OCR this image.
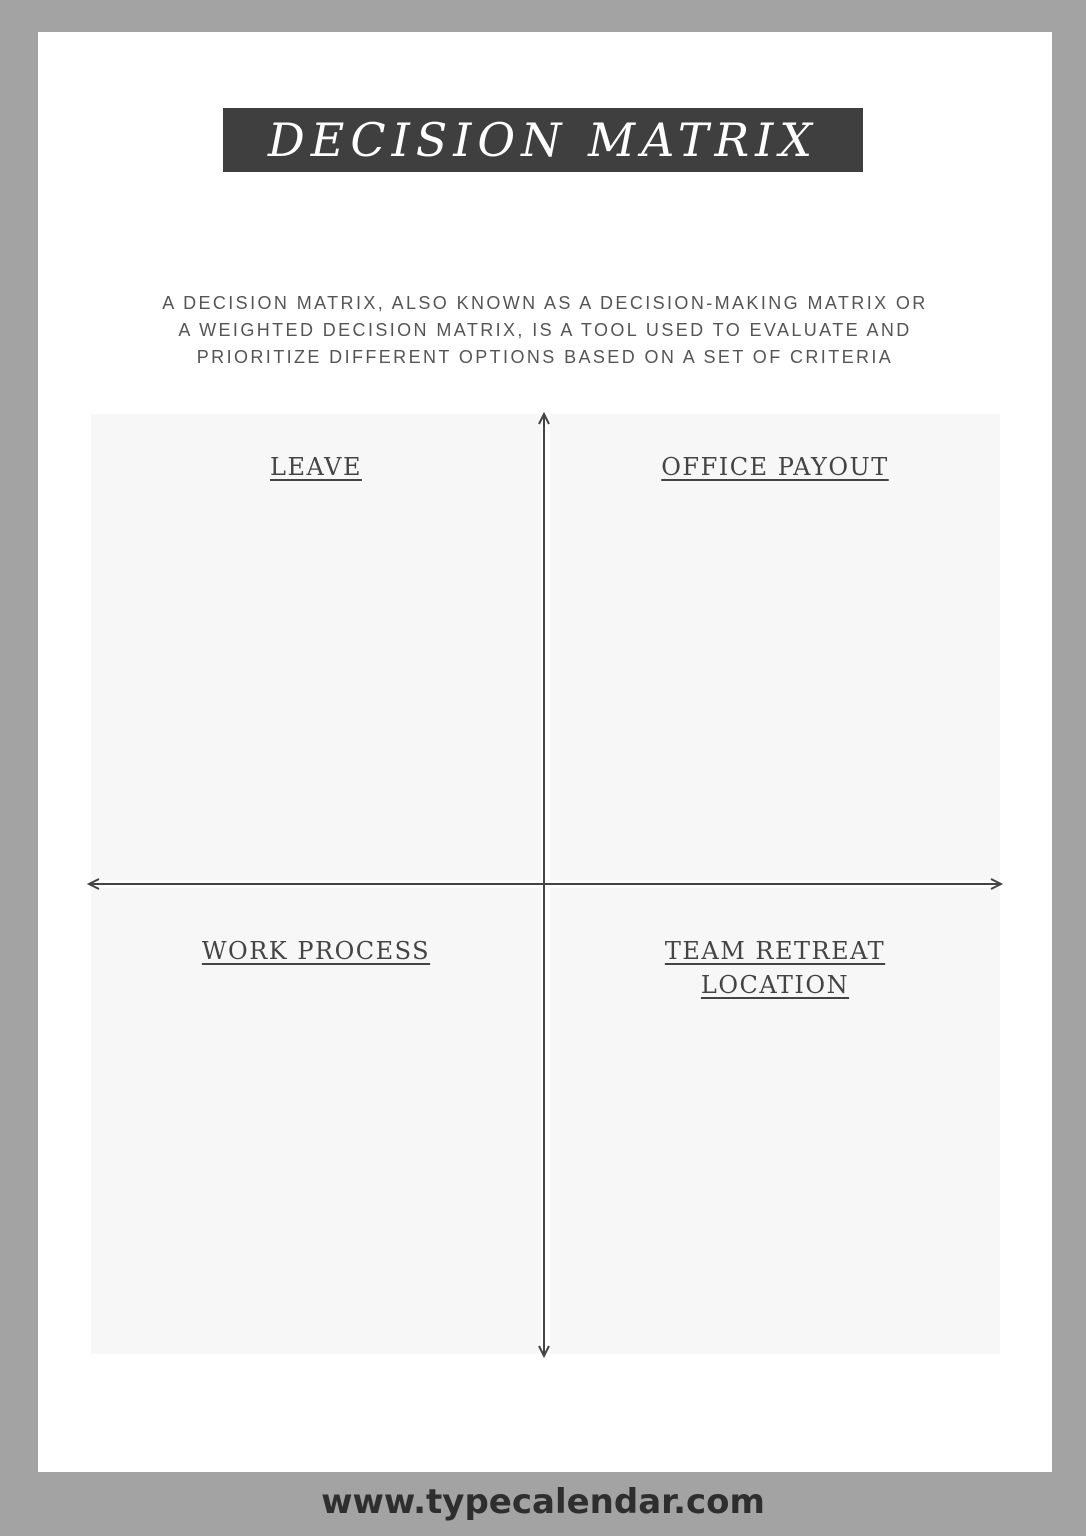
DECISION MATRIX
A DECISION MATRIX, ALSO KNOWN AS A DECISION-MAKING MATRIX OR
A WEIGHTED DECISION MATRIX, IS A TOOL USED TO EVALUATE AND
PRIORITIZE DIFFERENT OPTIONS BASED ON A SET OF CRITERIA
LEAVE	OFFICE PAYOUT
WORK PROCESS	TEAM RETREAT
LOCATION
www.typecalendar.com
